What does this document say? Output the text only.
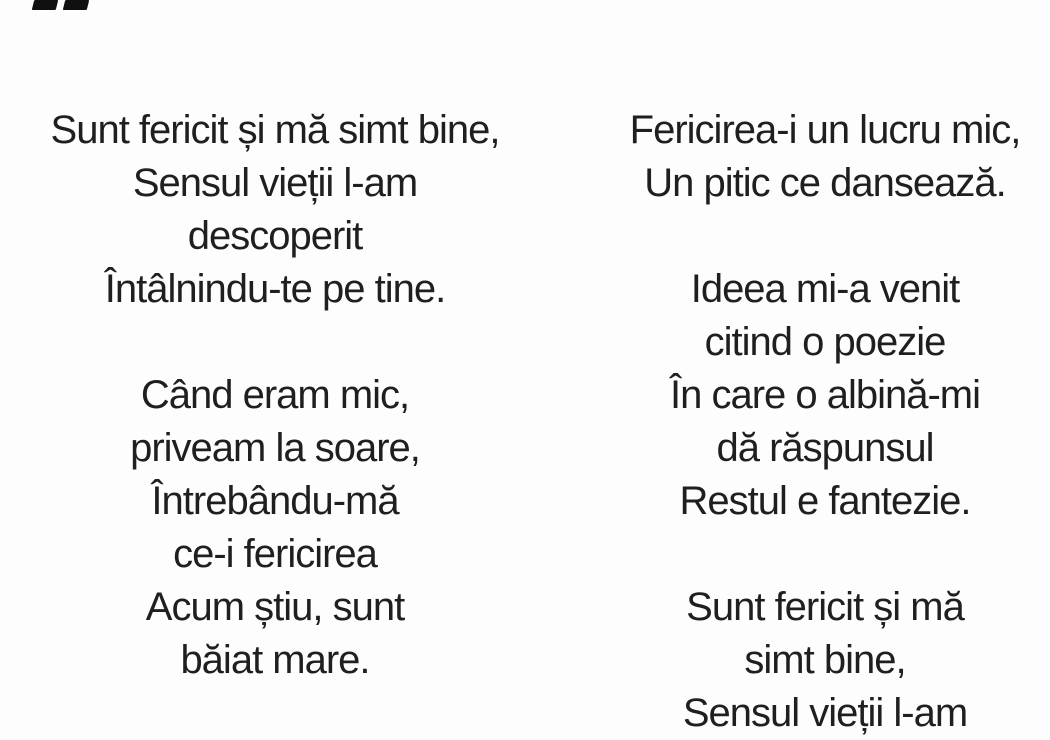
Sunt fericit și mă simt bine,
Sensul vieții l-am
descoperit
Întâlnindu-te pe tine.
Când eram mic,
priveam la soare,
Întrebându-mă
ce-i fericirea
Acum știu, sunt
băiat mare.
Fericirea-i un lucru mic,
Un pitic ce dansează.
Ideea mi-a venit
citind o poezie
În care o albină-mi
dă răspunsul
Restul e fantezie.
Sunt fericit și mă
simt bine,
Sensul vieții l-am
